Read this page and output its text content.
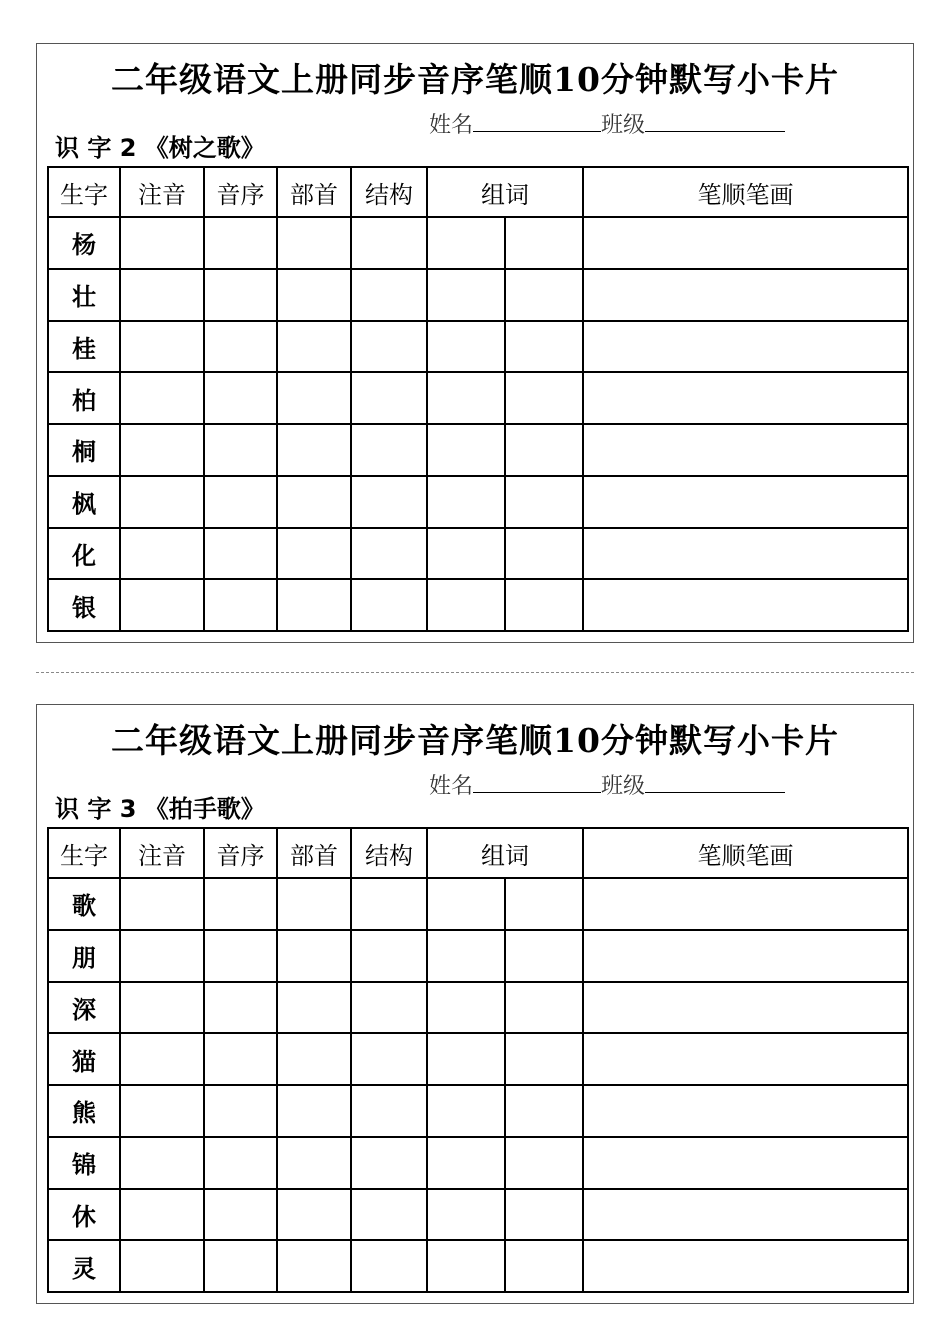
二年级语文上册同步音序笔顺10分钟默写小卡片
识 字 2 《树之歌》
姓名	班级
生字	注音	音序	部首	结构	组词		笔顺笔画
杨							
壮							
桂							
柏							
桐							
枫							
化							
银							
二年级语文上册同步音序笔顺10分钟默写小卡片
识 字 3 《拍手歌》
姓名	班级
生字	注音	音序	部首	结构	组词		笔顺笔画
歌							
朋							
深							
猫							
熊							
锦							
休							
灵							
